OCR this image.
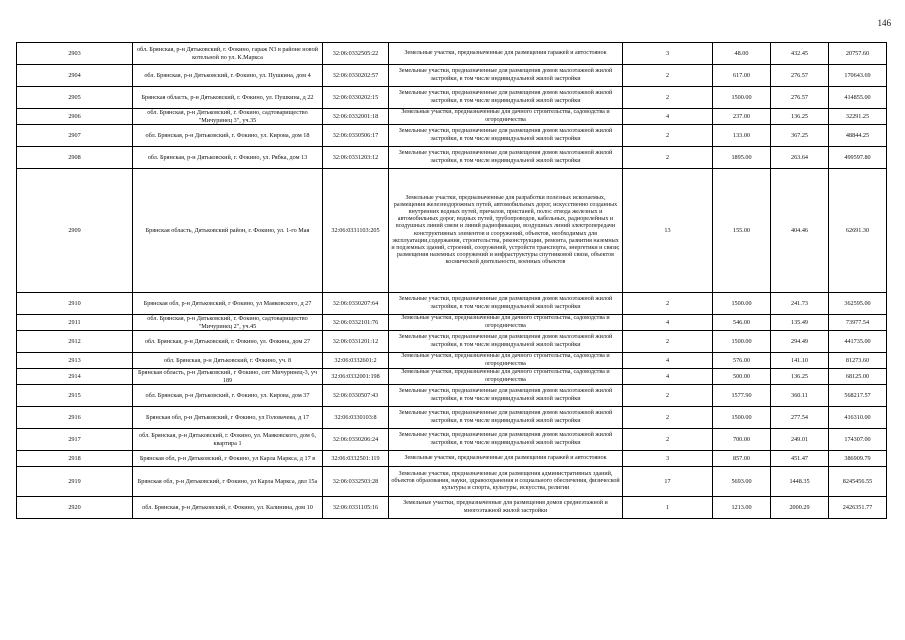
146
2903	обл. Брянская, р-н Дятьковский, г. Фокино, гараж N3 в районе новой котельной по ул. К.Маркса	32:06:0332505:22	Земельные участки, предназначенные для размещения гаражей и автостоянок	3	48.00	432.45	20757.60
2904	обл. Брянская, р-н Дятьковский, г. Фокино, ул. Пушкина, дом 4	32:06:0330202:57	Земельные участки, предназначенные для размещения домов малоэтажной жилой застройки, в том числе индивидуальной жилой застройки	2	617.00	276.57	170643.69
2905	Брянская область, р-н Дятьковский, г. Фокино, ул. Пушкина, д 22	32:06:0330202:15	Земельные участки, предназначенные для размещения домов малоэтажной жилой застройки, в том числе индивидуальной жилой застройки	2	1500.00	276.57	414855.00
2906	обл. Брянская, р-н Дятьковский, г. Фокино, садтоварищество "Мичуринец 3", уч.35	32:06:0332001:18	Земельные участки, предназначенные для дачного строительства, садоводства и огородничества	4	237.00	136.25	32291.25
2907	обл. Брянская, р-н Дятьковский, г. Фокино, ул. Кирова, дом 18	32:06:0330506:17	Земельные участки, предназначенные для размещения домов малоэтажной жилой застройки, в том числе индивидуальной жилой застройки	2	133.00	367.25	48844.25
2908	обл. Брянская, р-н Дятьковский, г. Фокино, ул. Рябка, дом 13	32:06:0331203:12	Земельные участки, предназначенные для размещения домов малоэтажной жилой застройки, в том числе индивидуальной жилой застройки	2	1895.00	263.64	499597.80
2909	Брянская область, Дятьковский район, г. Фокино, ул. 1-го Мая	32:06:0331103:205	Земельные участки, предназначенные для разработки полезных ископаемых, размещения железнодорожных путей, автомобильных дорог, искусственно созданных внутренних водных путей, причалов, пристаней, полос отвода железных и автомобильных дорог, водных путей, трубопроводов, кабельных, радиорелейных и воздушных линий связи и линий радиофикации, воздушных линий электропередачи конструктивных элементов и сооружений, объектов, необходимых для эксплуатации,содержания, строительства, реконструкции, ремонта, развития наземных и подземных зданий, строений, сооружений, устройств транспорта, энергетики и связи; размещения наземных сооружений и инфраструктуры спутниковой связи, объектов космической деятельности, военных объектов	13	155.00	404.46	62691.30
2910	Брянская обл, р-н Дятьковский, г Фокино, ул Маяковского, д 27	32:06:0330207:64	Земельные участки, предназначенные для размещения домов малоэтажной жилой застройки, в том числе индивидуальной жилой застройки	2	1500.00	241.73	362595.00
2911	обл. Брянская, р-н Дятьковский, г. Фокино, садтоварищество "Мичуринец 2", уч.45	32:06:0332101:76	Земельные участки, предназначенные для дачного строительства, садоводства и огородничества	4	546.00	135.49	73977.54
2912	обл. Брянская, р-н Дятьковский, г. Фокино, ул. Фокина, дом 27	32:06:0331201:12	Земельные участки, предназначенные для размещения домов малоэтажной жилой застройки, в том числе индивидуальной жилой застройки	2	1500.00	294.49	441735.00
2913	обл. Брянская, р-н Дятьковский, г. Фокино, уч. 8	32:06:0332601:2	Земельные участки, предназначенные для дачного строительства, садоводства и огородничества	4	576.00	141.10	81273.60
2914	Брянская область, р-н Дятьковский, г Фокино, снт Мичуринец-3, уч 189	32:06:0332001:198	Земельные участки, предназначенные для дачного строительства, садоводства и огородничества	4	500.00	136.25	68125.00
2915	обл. Брянская, р-н Дятьковский, г. Фокино, ул. Кирова, дом 37	32:06:0330507:43	Земельные участки, предназначенные для размещения домов малоэтажной жилой застройки, в том числе индивидуальной жилой застройки	2	1577.90	360.11	568217.57
2916	Брянская обл, р-н Дятьковский, г Фокино, ул Головачева, д 17	32:06:0330103:8	Земельные участки, предназначенные для размещения домов малоэтажной жилой застройки, в том числе индивидуальной жилой застройки	2	1500.00	277.54	416310.00
2917	обл. Брянская, р-н Дятьковский, г. Фокино, ул. Маяковского, дом 6, квартира 1	32:06:0330206:24	Земельные участки, предназначенные для размещения домов малоэтажной жилой застройки, в том числе индивидуальной жилой застройки	2	700.00	249.01	174307.00
2918	Брянская обл, р-н Дятьковский, г Фокино, ул Карла Маркса, д 17 в	32:06:0332501:119	Земельные участки, предназначенные для размещения гаражей и автостоянок	3	857.00	451.47	386909.79
2919	Брянская обл, р-н Дятьковский, г Фокино, ул Карла Маркса, двл 15а	32:06:0332503:28	Земельные участки, предназначенные для размещения административных зданий, объектов образования, науки, здравоохранения и социального обеспечения, физической культуры и спорта, культуры, искусства, религии	17	5693.00	1448.35	8245456.55
2920	обл. Брянская, р-н Дятьковский, г. Фокино, ул. Калинина, дом 10	32:06:0331105:16	Земельные участки, предназначенные для размещения домов среднеэтажной и многоэтажной жилой застройки	1	1213.00	2000.29	2426351.77
